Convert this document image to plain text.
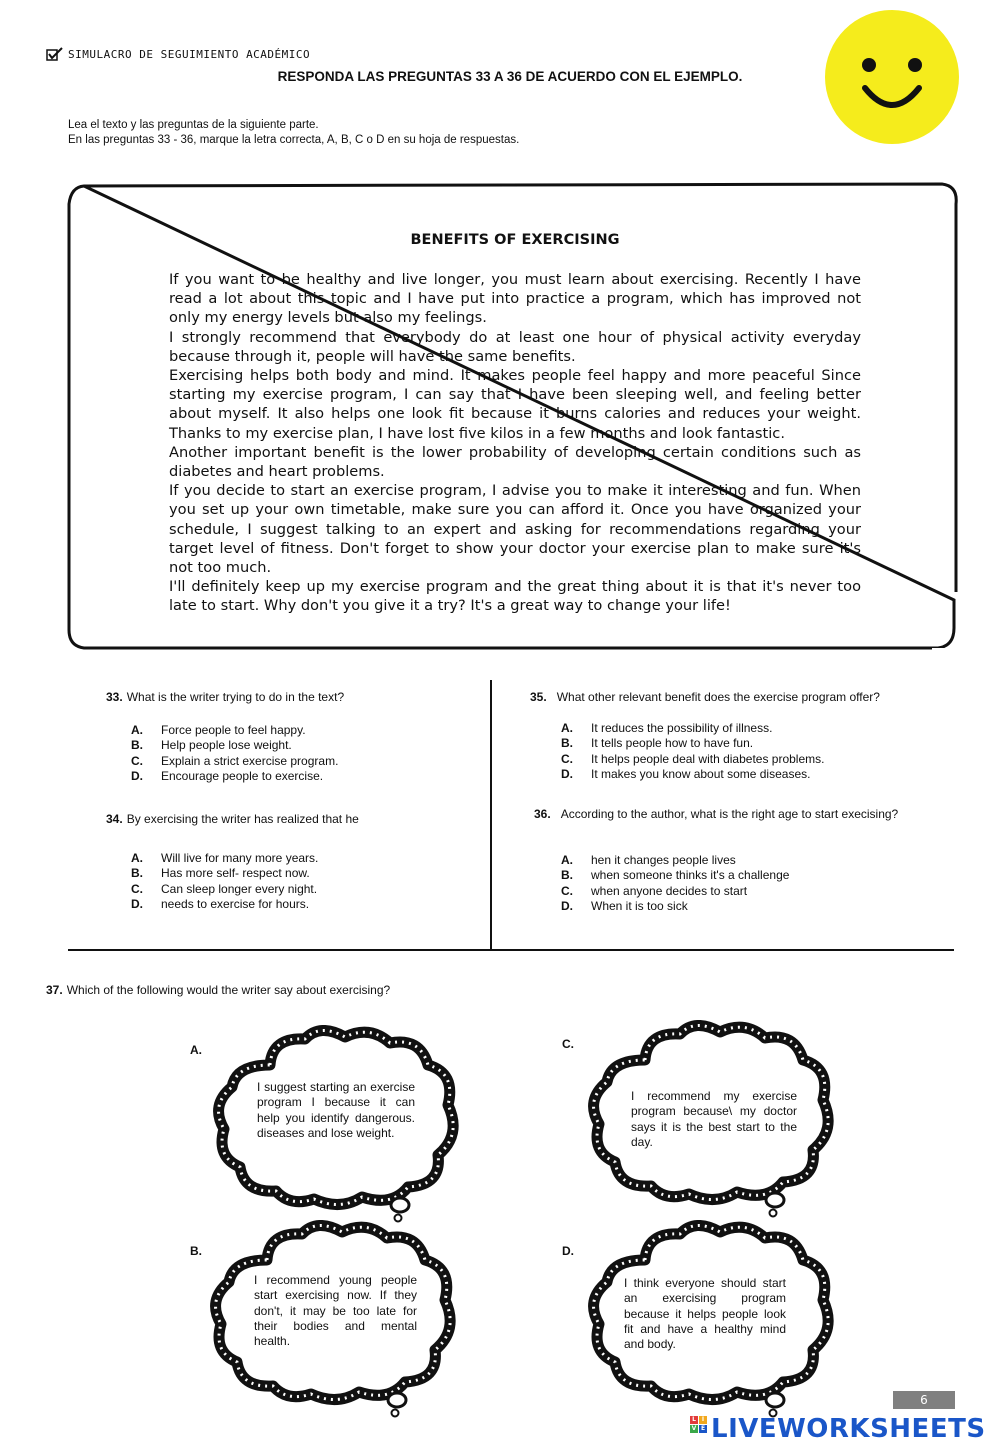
SIMULACRO DE SEGUIMIENTO ACADÉMICO
RESPONDA LAS PREGUNTAS 33 A 36 DE ACUERDO CON EL EJEMPLO.
Lea el texto y las preguntas de la siguiente parte.
En las preguntas 33 - 36, marque la letra correcta, A, B, C o D en su hoja de respuestas.
BENEFITS OF EXERCISING

If you want to be healthy and live longer, you must learn about exercising. Recently I have read a lot about this topic and I have put into practice a program, which has improved not only my energy levels but also my feelings.

I strongly recommend that everybody do at least one hour of physical activity everyday because through it, people will have the same benefits.

Exercising helps both body and mind. It makes people feel happy and more peaceful Since starting my exercise program, I can say that I have been sleeping well, and feeling better about myself. It also helps one look fit because it burns calories and reduces your weight. Thanks to my exercise plan, I have lost five kilos in a few months and look fantastic.

Another important benefit is the lower probability of developing certain conditions such as diabetes and heart problems.

If you decide to start an exercise program, I advise you to make it interesting and fun. When you set up your own timetable, make sure you can afford it. Once you have organized your schedule, I suggest talking to an expert and asking for recommendations regarding your target level of fitness. Don't forget to show your doctor your exercise plan to make sure it's not too much.

I'll definitely keep up my exercise program and the great thing about it is that it's never too late to start. Why don't you give it a try? It's a great way to change your life!

33. What is the writer trying to do in the text?
A.	Force people to feel happy.
B.	Help people lose weight.
C.	Explain a strict exercise program.
D.	Encourage people to exercise.
34. By exercising the writer has realized that he
A.	Will live for many more years.
B.	Has more self- respect now.
C.	Can sleep longer every night.
D.	needs to exercise for hours.
35. What other relevant benefit does the exercise program offer?
A.	It reduces the possibility of illness.
B.	It tells people how to have fun.
C.	It helps people deal with diabetes problems.
D.	It makes you know about some diseases.
36. According to the author, what is the right age to start execising?
A.	hen it changes people lives
B.	when someone thinks it's a challenge
C.	when anyone decides to start
D.	When it is too sick
37. Which of the following would the writer say about exercising?
A.
I suggest starting an exercise program I because it can help you identify dangerous. diseases and lose weight.
B.
I recommend young people start exercising now. If they don't, it may be too late for their bodies and mental health.
C.
I recommend my exercise program because\ my doctor says it is the best start to the day.
D.
I think everyone should start an exercising program because it helps people look fit and have a healthy mind and body.
6
L I
V E LIVEWORKSHEETS
